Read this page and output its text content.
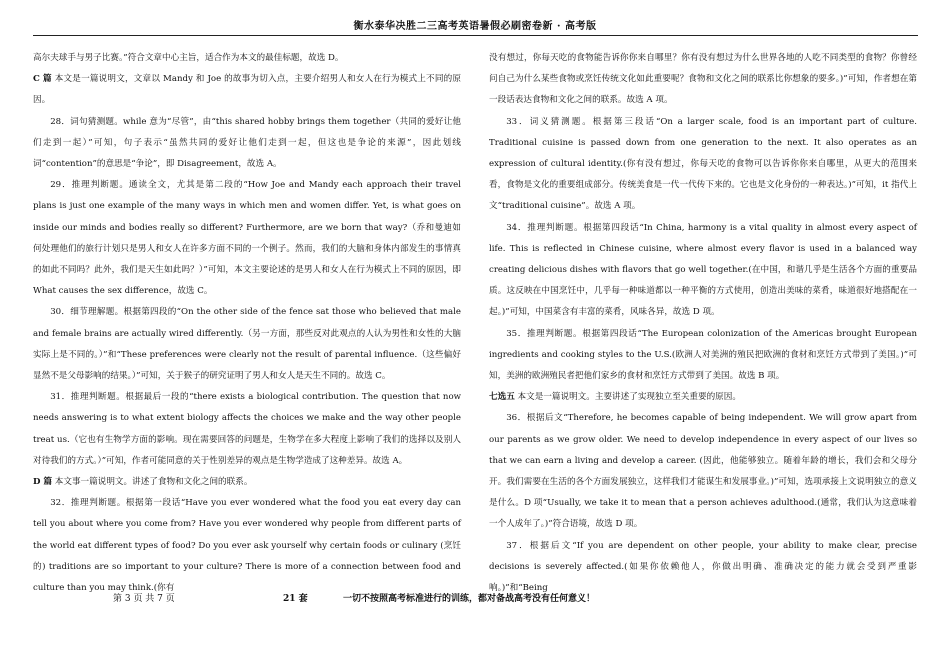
衡水泰华决胜二三高考英语暑假必刷密卷新 · 高考版

高尔夫球手与男子比赛。”符合文章中心主旨，适合作为本文的最佳标题，故选 D。

C 篇 本文是一篇说明文，文章以 Mandy 和 Joe 的故事为切入点，主要介绍男人和女人在行为模式上不同的原因。

28．词句猜测题。while 意为“尽管”，由“this shared hobby brings them together（共同的爱好让他们走到一起）”可知，句子表示“虽然共同的爱好让他们走到一起，但这也是争论的来源”，因此划线词“contention”的意思是“争论”，即 Disagreement，故选 A。

29．推理判断题。通读全文，尤其是第二段的“How Joe and Mandy each approach their travel plans is just one example of the many ways in which men and women differ. Yet, is what goes on inside our minds and bodies really so different? Furthermore, are we born that way?（乔和曼迪如何处理他们的旅行计划只是男人和女人在许多方面不同的一个例子。然而，我们的大脑和身体内部发生的事情真的如此不同吗？此外，我们是天生如此吗？）”可知，本文主要论述的是男人和女人在行为模式上不同的原因，即 What causes the sex difference，故选 C。

30．细节理解题。根据第四段的“On the other side of the fence sat those who believed that male and female brains are actually wired differently.（另一方面，那些反对此观点的人认为男性和女性的大脑实际上是不同的。）”和“These preferences were clearly not the result of parental influence.（这些偏好显然不是父母影响的结果。）”可知，关于猴子的研究证明了男人和女人是天生不同的。故选 C。

31．推理判断题。根据最后一段的“there exists a biological contribution. The question that now needs answering is to what extent biology affects the choices we make and the way other people treat us.（它也有生物学方面的影响。现在需要回答的问题是，生物学在多大程度上影响了我们的选择以及别人对待我们的方式。）”可知，作者可能同意的关于性别差异的观点是生物学造成了这种差异。故选 A。

D 篇 本文事一篇说明文。讲述了食物和文化之间的联系。

32．推理判断题。根据第一段话“Have you ever wondered what the food you eat every day can tell you about where you come from? Have you ever wondered why people from different parts of the world eat different types of food? Do you ever ask yourself why certain foods or culinary (烹饪的) traditions are so important to your culture? There is more of a connection between food and culture than you may think.(你有

没有想过，你每天吃的食物能告诉你你来自哪里？你有没有想过为什么世界各地的人吃不同类型的食物？你曾经问自己为什么某些食物或烹饪传统文化如此重要呢？食物和文化之间的联系比你想象的要多。)”可知，作者想在第一段话表达食物和文化之间的联系。故选 A 项。

33．词义猜测题。根据第三段话“On a larger scale, food is an important part of culture. Traditional cuisine is passed down from one generation to the next. It also operates as an expression of cultural identity.(你有没有想过，你每天吃的食物可以告诉你你来自哪里，从更大的范围来看，食物是文化的重要组成部分。传统美食是一代一代传下来的。它也是文化身份的一种表达。)”可知，it 指代上文“traditional cuisine”。故选 A 项。

34．推理判断题。根据第四段话“In China, harmony is a vital quality in almost every aspect of life. This is reflected in Chinese cuisine, where almost every flavor is used in a balanced way creating delicious dishes with flavors that go well together.(在中国，和谐几乎是生活各个方面的重要品质。这反映在中国烹饪中，几乎每一种味道都以一种平衡的方式使用，创造出美味的菜肴，味道很好地搭配在一起。)”可知，中国菜含有丰富的菜肴，风味各异，故选 D 项。

35．推理判断题。根据第四段话“The European colonization of the Americas brought European ingredients and cooking styles to the U.S.(欧洲人对美洲的殖民把欧洲的食材和烹饪方式带到了美国。)”可知，美洲的欧洲殖民者把他们家乡的食材和烹饪方式带到了美国。故选 B 项。

七选五 本文是一篇说明文。主要讲述了实现独立至关重要的原因。

36．根据后文“Therefore, he becomes capable of being independent. We will grow apart from our parents as we grow older. We need to develop independence in every aspect of our lives so that we can earn a living and develop a career. (因此，他能够独立。随着年龄的增长，我们会和父母分开。我们需要在生活的各个方面发展独立，这样我们才能谋生和发展事业。)”可知，选项承接上文说明独立的意义是什么。D 项“Usually, we take it to mean that a person achieves adulthood.(通常，我们认为这意味着一个人成年了。)”符合语境，故选 D 项。

37．根据后文“If you are dependent on other people, your ability to make clear, precise decisions is severely affected.(如果你依赖他人，你做出明确、准确决定的能力就会受到严重影响。)”和“Being

第 3 页 共 7 页	21 套	一切不按照高考标准进行的训练，都对备战高考没有任何意义！
